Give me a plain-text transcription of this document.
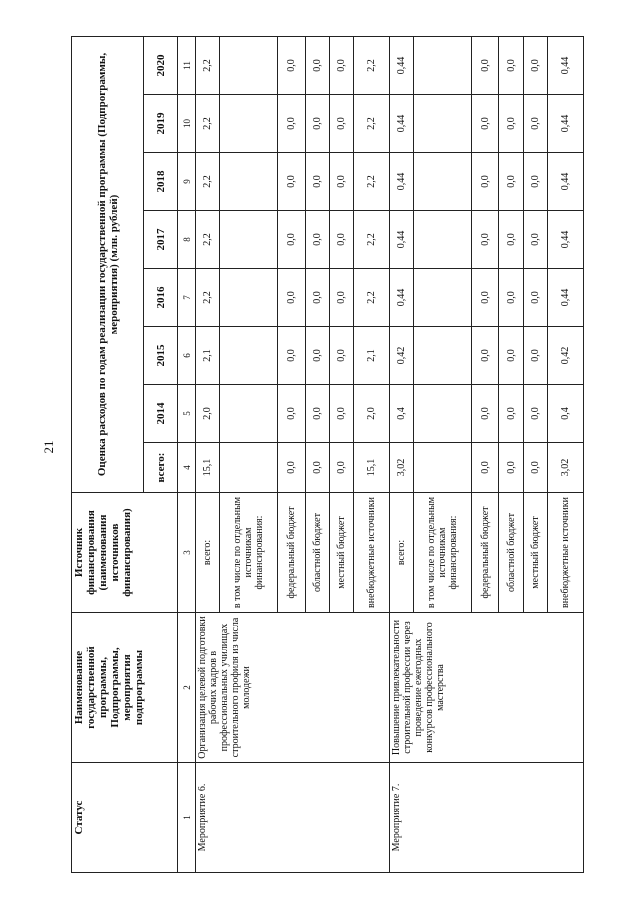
21
Статус	Наименование государственной программы, Подпрограммы, мероприятия подпрограммы	Источник финансирования (наименования источников финансирования)	Оценка расходов по годам реализации государственной программы (Подпрограммы, мероприятия) (млн. рублей)							
			всего:	2014	2015	2016	2017	2018	2019	2020
1	2	3	4	5	6	7	8	9	10	11
Мероприятие 6.	Организация целевой подготовки рабочих кадров в профессиональных училищах строительного профиля из числа молодежи	всего:	15,1	2,0	2,1	2,2	2,2	2,2	2,2	2,2
		в том числе по отдельным источникам финансирования:								
		федеральный бюджет	0,0	0,0	0,0	0,0	0,0	0,0	0,0	0,0
		областной бюджет	0,0	0,0	0,0	0,0	0,0	0,0	0,0	0,0
		местный бюджет	0,0	0,0	0,0	0,0	0,0	0,0	0,0	0,0
		внебюджетные источники	15,1	2,0	2,1	2,2	2,2	2,2	2,2	2,2
Мероприятие 7.	Повышение привлекательности строительной профессии через проведение ежегодных конкурсов профессионального мастерства	всего:	3,02	0,4	0,42	0,44	0,44	0,44	0,44	0,44
		в том числе по отдельным источникам финансирования:								
		федеральный бюджет	0,0	0,0	0,0	0,0	0,0	0,0	0,0	0,0
		областной бюджет	0,0	0,0	0,0	0,0	0,0	0,0	0,0	0,0
		местный бюджет	0,0	0,0	0,0	0,0	0,0	0,0	0,0	0,0
		внебюджетные источники	3,02	0,4	0,42	0,44	0,44	0,44	0,44	0,44
